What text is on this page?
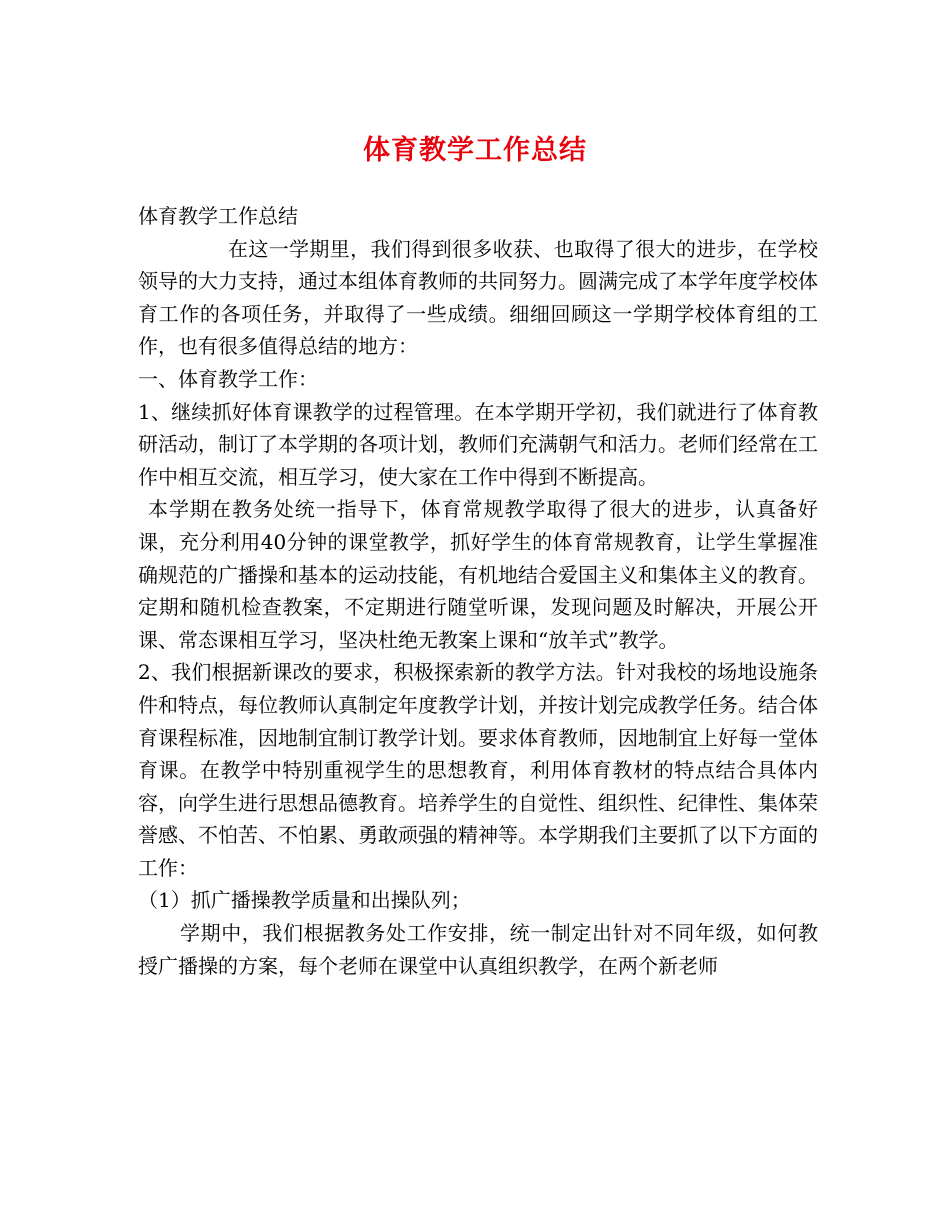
体育教学工作总结

体育教学工作总结

在这一学期里，我们得到很多收获、也取得了很大的进步，在学校领导的大力支持，通过本组体育教师的共同努力。圆满完成了本学年度学校体育工作的各项任务，并取得了一些成绩。细细回顾这一学期学校体育组的工作，也有很多值得总结的地方：

一、体育教学工作：

1、继续抓好体育课教学的过程管理。在本学期开学初，我们就进行了体育教研活动，制订了本学期的各项计划，教师们充满朝气和活力。老师们经常在工作中相互交流，相互学习，使大家在工作中得到不断提高。

本学期在教务处统一指导下，体育常规教学取得了很大的进步，认真备好课，充分利用40分钟的课堂教学，抓好学生的体育常规教育，让学生掌握准确规范的广播操和基本的运动技能，有机地结合爱国主义和集体主义的教育。定期和随机检查教案，不定期进行随堂听课，发现问题及时解决，开展公开课、常态课相互学习，坚决杜绝无教案上课和“放羊式”教学。

2、我们根据新课改的要求，积极探索新的教学方法。针对我校的场地设施条件和特点，每位教师认真制定年度教学计划，并按计划完成教学任务。结合体育课程标准，因地制宜制订教学计划。要求体育教师，因地制宜上好每一堂体育课。在教学中特别重视学生的思想教育，利用体育教材的特点结合具体内容，向学生进行思想品德教育。培养学生的自觉性、组织性、纪律性、集体荣誉感、不怕苦、不怕累、勇敢顽强的精神等。本学期我们主要抓了以下方面的工作：

（1）抓广播操教学质量和出操队列；

学期中，我们根据教务处工作安排，统一制定出针对不同年级，如何教授广播操的方案，每个老师在课堂中认真组织教学，在两个新老师
